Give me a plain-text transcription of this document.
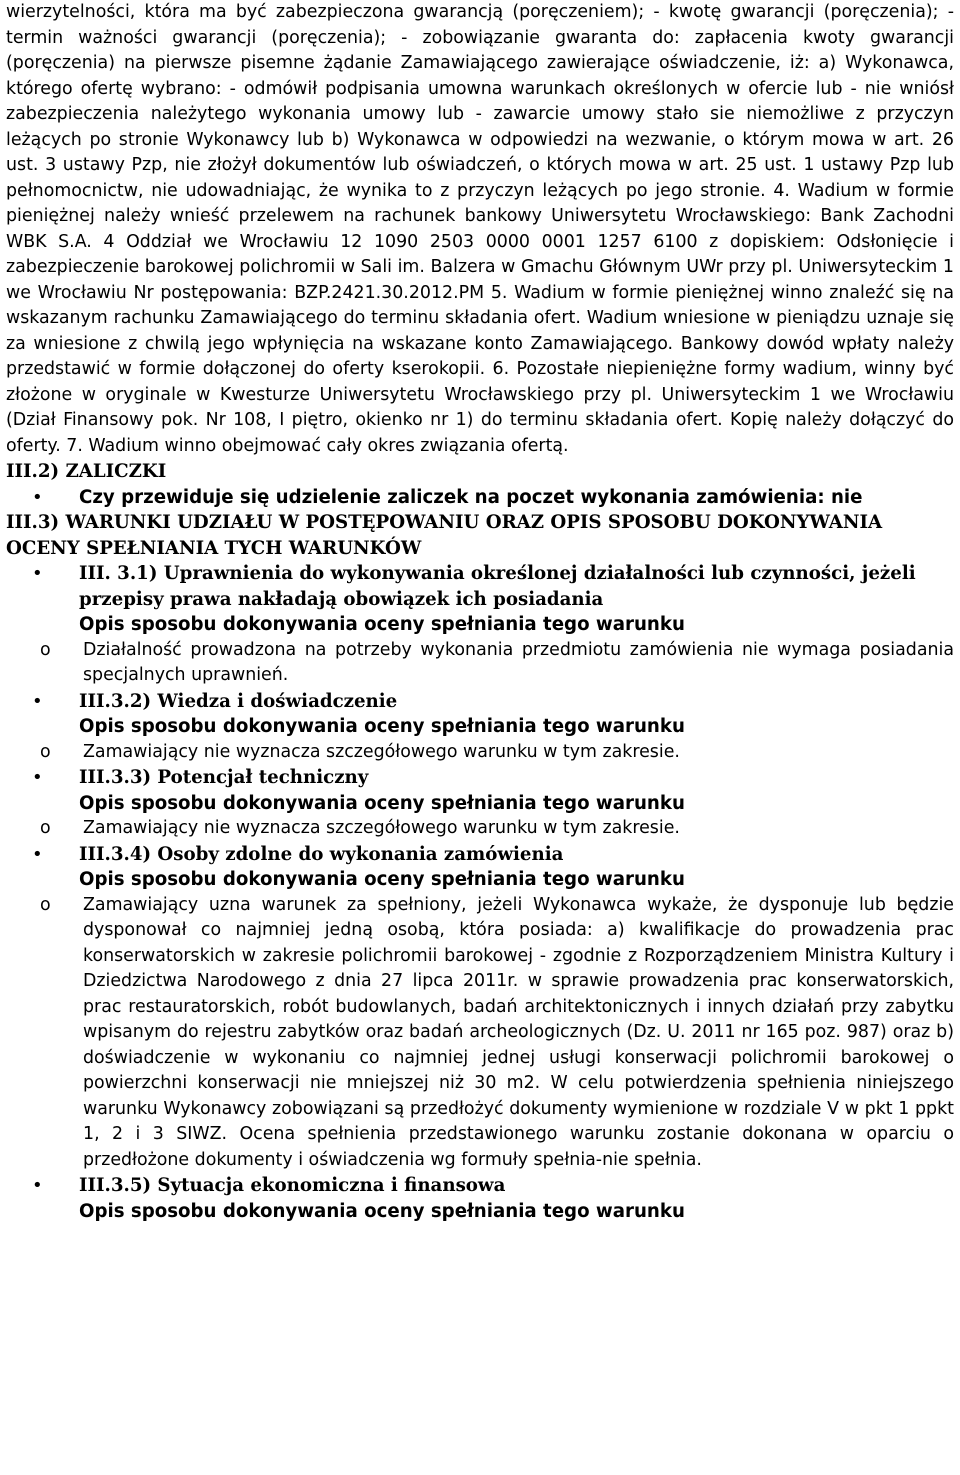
wierzytelności, która ma być zabezpieczona gwarancją (poręczeniem); - kwotę gwarancji (poręczenia); - termin ważności gwarancji (poręczenia); - zobowiązanie gwaranta do: zapłacenia kwoty gwarancji (poręczenia) na pierwsze pisemne żądanie Zamawiającego zawierające oświadczenie, iż: a) Wykonawca, którego ofertę wybrano: - odmówił podpisania umowna warunkach określonych w ofercie lub - nie wniósł zabezpieczenia należytego wykonania umowy lub - zawarcie umowy stało sie niemożliwe z przyczyn leżących po stronie Wykonawcy lub b) Wykonawca w odpowiedzi na wezwanie, o którym mowa w art. 26 ust. 3 ustawy Pzp, nie złożył dokumentów lub oświadczeń, o których mowa w art. 25 ust. 1 ustawy Pzp lub pełnomocnictw, nie udowadniając, że wynika to z przyczyn leżących po jego stronie. 4. Wadium w formie pieniężnej należy wnieść przelewem na rachunek bankowy Uniwersytetu Wrocławskiego: Bank Zachodni WBK S.A. 4 Oddział we Wrocławiu 12 1090 2503 0000 0001 1257 6100 z dopiskiem: Odsłonięcie i zabezpieczenie barokowej polichromii w Sali im. Balzera w Gmachu Głównym UWr przy pl. Uniwersyteckim 1 we Wrocławiu Nr postępowania: BZP.2421.30.2012.PM 5. Wadium w formie pieniężnej winno znaleźć się na wskazanym rachunku Zamawiającego do terminu składania ofert. Wadium wniesione w pieniądzu uznaje się za wniesione z chwilą jego wpłynięcia na wskazane konto Zamawiającego. Bankowy dowód wpłaty należy przedstawić w formie dołączonej do oferty kserokopii. 6. Pozostałe niepieniężne formy wadium, winny być złożone w oryginale w Kwesturze Uniwersytetu Wrocławskiego przy pl. Uniwersyteckim 1 we Wrocławiu (Dział Finansowy pok. Nr 108, I piętro, okienko nr 1) do terminu składania ofert. Kopię należy dołączyć do oferty. 7. Wadium winno obejmować cały okres związania ofertą.

III.2) ZALICZKI
• Czy przewiduje się udzielenie zaliczek na poczet wykonania zamówienia: nie
III.3) WARUNKI UDZIAŁU W POSTĘPOWANIU ORAZ OPIS SPOSOBU DOKONYWANIA OCENY SPEŁNIANIA TYCH WARUNKÓW
• III. 3.1) Uprawnienia do wykonywania określonej działalności lub czynności, jeżeli przepisy prawa nakładają obowiązek ich posiadania
Opis sposobu dokonywania oceny spełniania tego warunku
o Działalność prowadzona na potrzeby wykonania przedmiotu zamówienia nie wymaga posiadania specjalnych uprawnień.
• III.3.2) Wiedza i doświadczenie
Opis sposobu dokonywania oceny spełniania tego warunku
o Zamawiający nie wyznacza szczegółowego warunku w tym zakresie.
• III.3.3) Potencjał techniczny
Opis sposobu dokonywania oceny spełniania tego warunku
o Zamawiający nie wyznacza szczegółowego warunku w tym zakresie.
• III.3.4) Osoby zdolne do wykonania zamówienia
Opis sposobu dokonywania oceny spełniania tego warunku
o Zamawiający uzna warunek za spełniony, jeżeli Wykonawca wykaże, że dysponuje lub będzie dysponował co najmniej jedną osobą, która posiada: a) kwalifikacje do prowadzenia prac konserwatorskich w zakresie polichromii barokowej - zgodnie z Rozporządzeniem Ministra Kultury i Dziedzictwa Narodowego z dnia 27 lipca 2011r. w sprawie prowadzenia prac konserwatorskich, prac restauratorskich, robót budowlanych, badań architektonicznych i innych działań przy zabytku wpisanym do rejestru zabytków oraz badań archeologicznych (Dz. U. 2011 nr 165 poz. 987) oraz b) doświadczenie w wykonaniu co najmniej jednej usługi konserwacji polichromii barokowej o powierzchni konserwacji nie mniejszej niż 30 m2. W celu potwierdzenia spełnienia niniejszego warunku Wykonawcy zobowiązani są przedłożyć dokumenty wymienione w rozdziale V w pkt 1 ppkt 1, 2 i 3 SIWZ. Ocena spełnienia przedstawionego warunku zostanie dokonana w oparciu o przedłożone dokumenty i oświadczenia wg formuły spełnia-nie spełnia.
• III.3.5) Sytuacja ekonomiczna i finansowa
Opis sposobu dokonywania oceny spełniania tego warunku
